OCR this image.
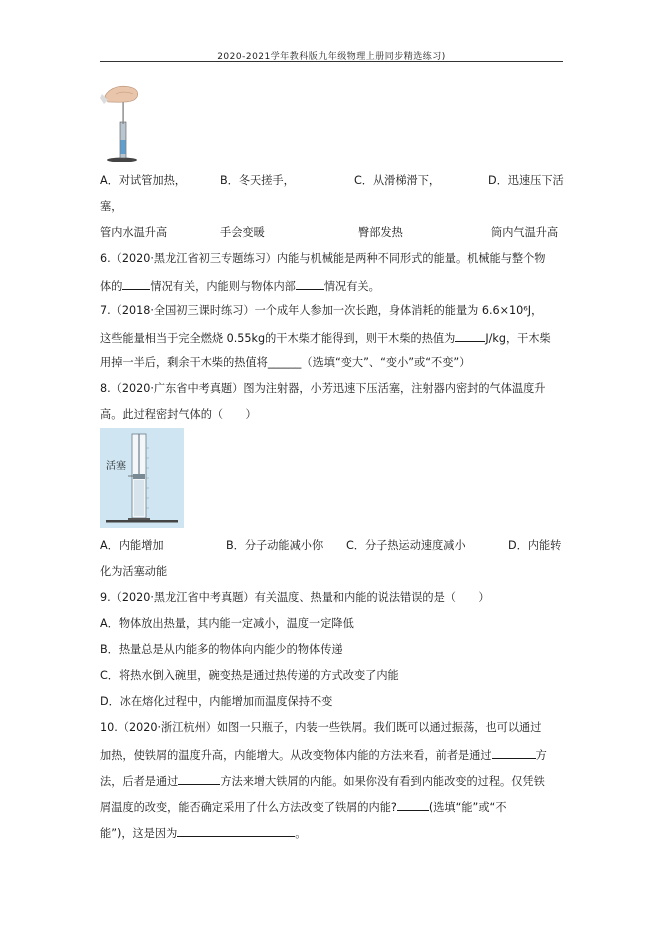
2020-2021学年教科版九年级物理上册同步精选练习)
A．对试管加热，	B．冬天搓手，	C．从滑梯滑下，	D．迅速压下活
塞，
管内水温升高	手会变暖	臀部发热	筒内气温升高
6.（2020·黑龙江省初三专题练习）内能与机械能是两种不同形式的能量。机械能与整个物
体的	情况有关，内能则与物体内部	情况有关。
7.（2018·全国初三课时练习）一个成年人参加一次长跑，身体消耗的能量为 6.6×10⁶J，
这些能量相当于完全燃烧 0.55kg的干木柴才能得到，则干木柴的热值为	J/kg，干木柴
用掉一半后，剩余干木柴的热值将______（选填“变大”、“变小”或“不变”）
8.（2020·广东省中考真题）图为注射器，小芳迅速下压活塞，注射器内密封的气体温度升
高。此过程密封气体的（　　）
活塞
A．内能增加	B．分子动能减小你 C．分子热运动速度减小	D．内能转
化为活塞动能
9.（2020·黑龙江省中考真题）有关温度、热量和内能的说法错误的是（　　）
A．物体放出热量，其内能一定减小，温度一定降低
B．热量总是从内能多的物体向内能少的物体传递
C．将热水倒入碗里，碗变热是通过热传递的方式改变了内能
D．冰在熔化过程中，内能增加而温度保持不变
10.（2020·浙江杭州）如图一只瓶子，内装一些铁屑。我们既可以通过振荡，也可以通过
加热，使铁屑的温度升高，内能增大。从改变物体内能的方法来看，前者是通过	方
法，后者是通过	方法来增大铁屑的内能。如果你没有看到内能改变的过程。仅凭铁
屑温度的改变，能否确定采用了什么方法改变了铁屑的内能?	(选填“能”或“不
能”)，这是因为	。
